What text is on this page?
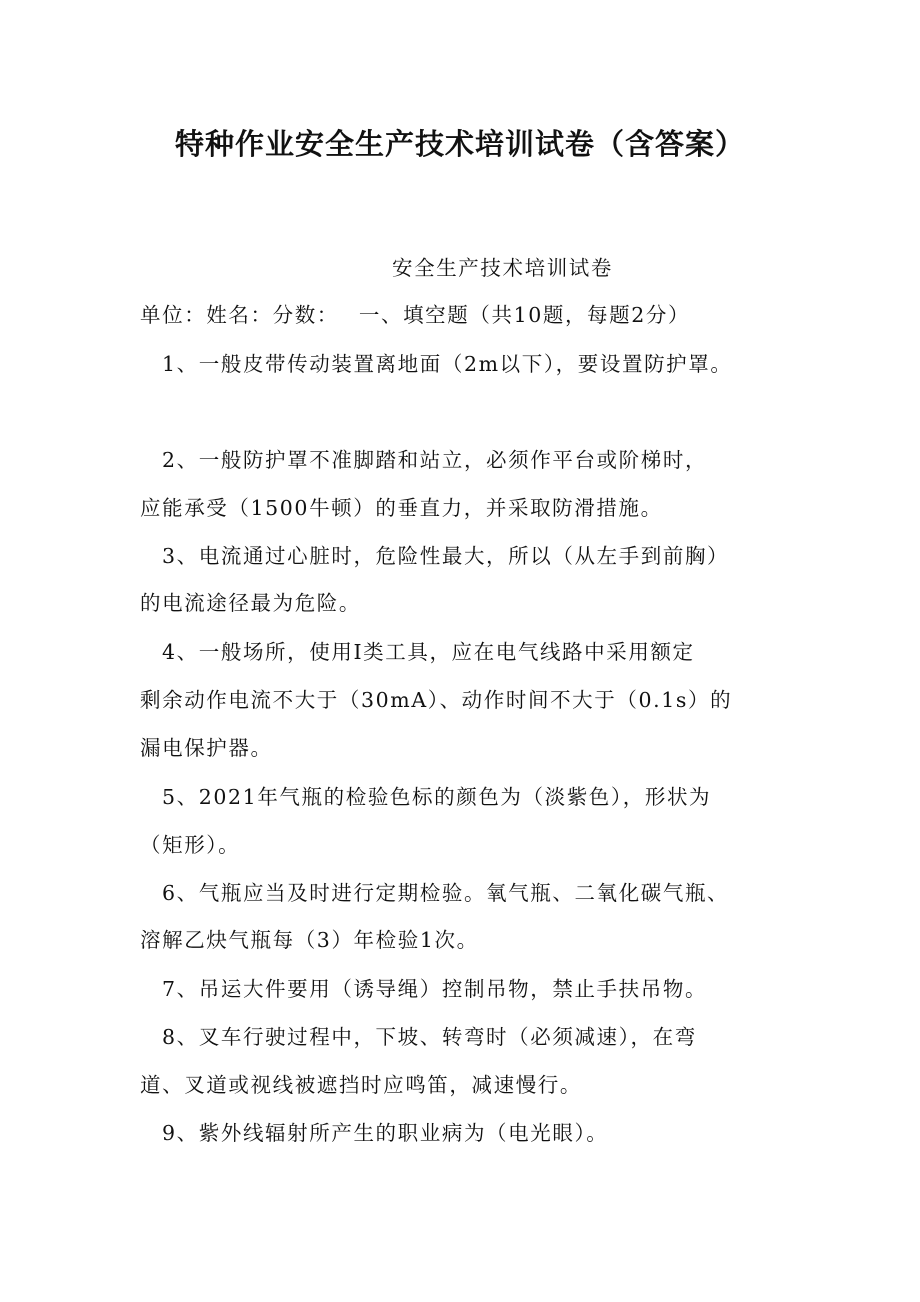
特种作业安全生产技术培训试卷（含答案）
安全生产技术培训试卷
单位：姓名：分数：　 一、填空题（共10题，每题2分）
1、一般皮带传动装置离地面（2m以下），要设置防护罩。
2、一般防护罩不准脚踏和站立，必须作平台或阶梯时，
应能承受（1500牛顿）的垂直力，并采取防滑措施。
3、电流通过心脏时，危险性最大，所以（从左手到前胸）
的电流途径最为危险。
4、一般场所，使用Ⅰ类工具，应在电气线路中采用额定
剩余动作电流不大于（30mA）、动作时间不大于（0.1s）的
漏电保护器。
5、2021年气瓶的检验色标的颜色为（淡紫色），形状为
（矩形）。
6、气瓶应当及时进行定期检验。氧气瓶、二氧化碳气瓶、
溶解乙炔气瓶每（3）年检验1次。
7、吊运大件要用（诱导绳）控制吊物，禁止手扶吊物。
8、叉车行驶过程中，下坡、转弯时（必须减速），在弯
道、叉道或视线被遮挡时应鸣笛，减速慢行。
9、紫外线辐射所产生的职业病为（电光眼）。
